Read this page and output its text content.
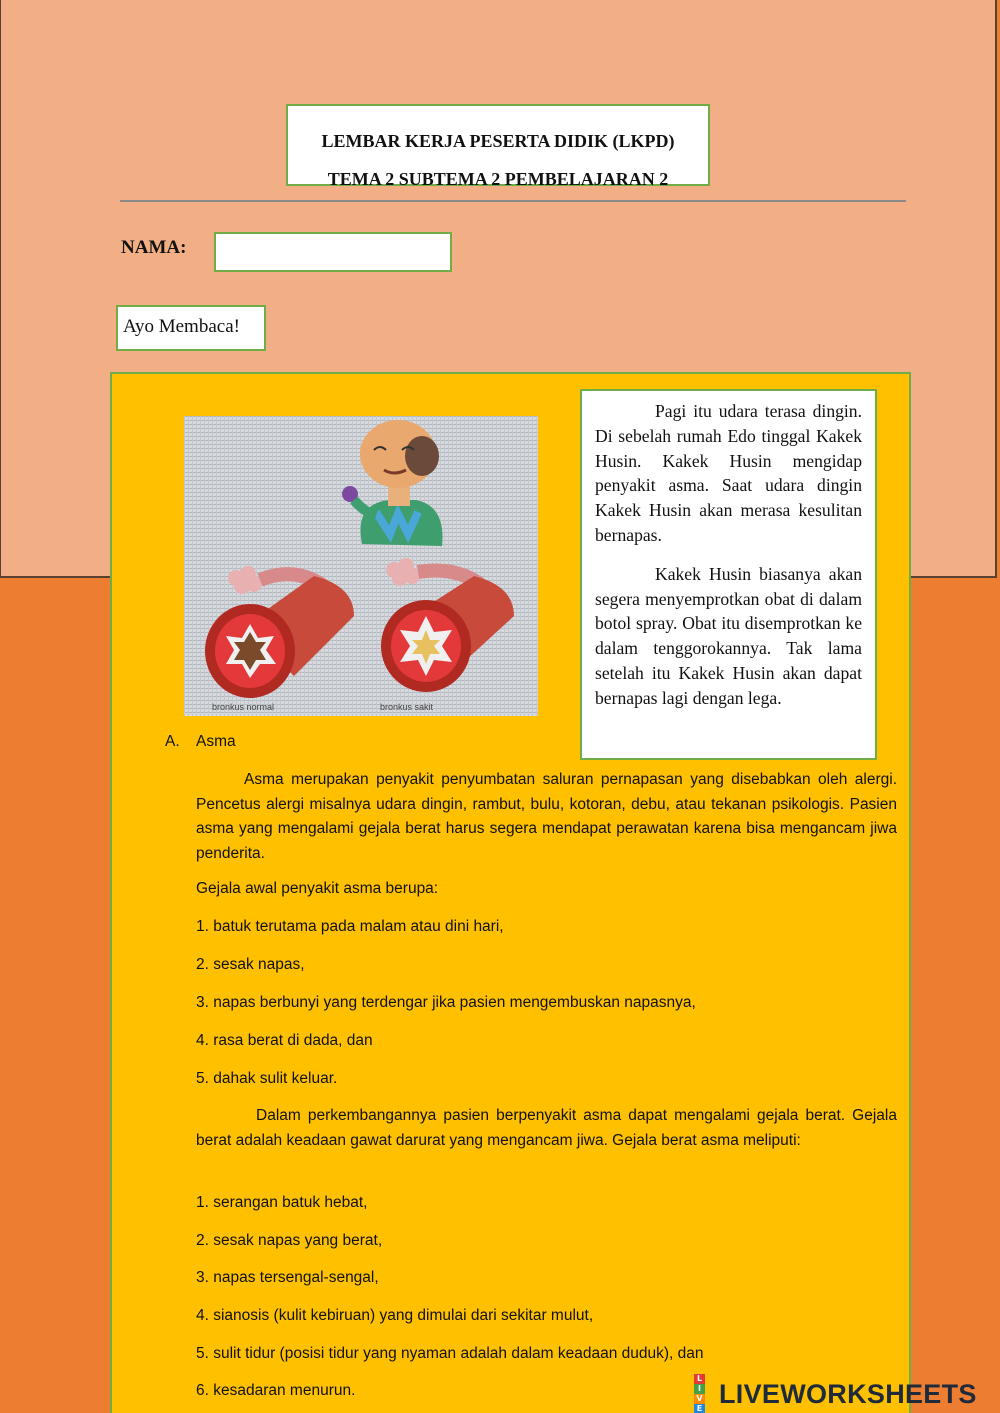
LEMBAR KERJA PESERTA DIDIK (LKPD)
TEMA 2 SUBTEMA 2 PEMBELAJARAN 2
NAMA:
Ayo Membaca!
bronkus normal	bronkus sakit

Pagi itu udara terasa dingin. Di sebelah rumah Edo tinggal Kakek Husin. Kakek Husin mengidap penyakit asma. Saat udara dingin Kakek Husin akan merasa kesulitan bernapas.

Kakek Husin biasanya akan segera menyemprotkan obat di dalam botol spray. Obat itu disemprotkan ke dalam tenggorokannya. Tak lama setelah itu Kakek Husin akan dapat bernapas lagi dengan lega.

A. Asma
Asma merupakan penyakit penyumbatan saluran pernapasan yang disebabkan oleh alergi. Pencetus alergi misalnya udara dingin, rambut, bulu, kotoran, debu, atau tekanan psikologis. Pasien asma yang mengalami gejala berat harus segera mendapat perawatan karena bisa mengancam jiwa penderita.
Gejala awal penyakit asma berupa:
1. batuk terutama pada malam atau dini hari,
2. sesak napas,
3. napas berbunyi yang terdengar jika pasien mengembuskan napasnya,
4. rasa berat di dada, dan
5. dahak sulit keluar.
Dalam perkembangannya pasien berpenyakit asma dapat mengalami gejala berat. Gejala berat adalah keadaan gawat darurat yang mengancam jiwa. Gejala berat asma meliputi:
1. serangan batuk hebat,
2. sesak napas yang berat,
3. napas tersengal-sengal,
4. sianosis (kulit kebiruan) yang dimulai dari sekitar mulut,
5. sulit tidur (posisi tidur yang nyaman adalah dalam keadaan duduk), dan
6. kesadaran menurun.
L
I
V
E LIVEWORKSHEETS
